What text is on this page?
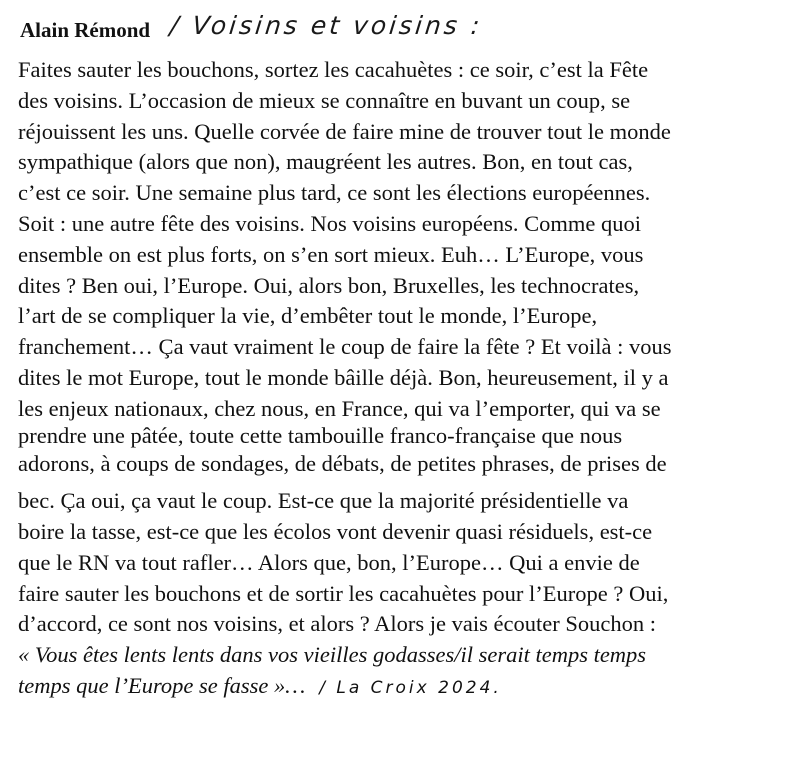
Alain Rémond / Voisins et voisins :
Faites sauter les bouchons, sortez les cacahuètes : ce soir, c’est la Fête
des voisins. L’occasion de mieux se connaître en buvant un coup, se
réjouissent les uns. Quelle corvée de faire mine de trouver tout le monde
sympathique (alors que non), maugréent les autres. Bon, en tout cas,
c’est ce soir. Une semaine plus tard, ce sont les élections européennes.
Soit : une autre fête des voisins. Nos voisins européens. Comme quoi
ensemble on est plus forts, on s’en sort mieux. Euh… L’Europe, vous
dites ? Ben oui, l’Europe. Oui, alors bon, Bruxelles, les technocrates,
l’art de se compliquer la vie, d’embêter tout le monde, l’Europe,
franchement… Ça vaut vraiment le coup de faire la fête ? Et voilà : vous
dites le mot Europe, tout le monde bâille déjà. Bon, heureusement, il y a
les enjeux nationaux, chez nous, en France, qui va l’emporter, qui va se
prendre une pâtée, toute cette tambouille franco-française que nous
adorons, à coups de sondages, de débats, de petites phrases, de prises de
bec. Ça oui, ça vaut le coup. Est-ce que la majorité présidentielle va
boire la tasse, est-ce que les écolos vont devenir quasi résiduels, est-ce
que le RN va tout rafler… Alors que, bon, l’Europe… Qui a envie de
faire sauter les bouchons et de sortir les cacahuètes pour l’Europe ? Oui,
d’accord, ce sont nos voisins, et alors ? Alors je vais écouter Souchon :
« Vous êtes lents lents dans vos vieilles godasses/il serait temps temps
temps que l’Europe se fasse »… / La Croix 2024.
